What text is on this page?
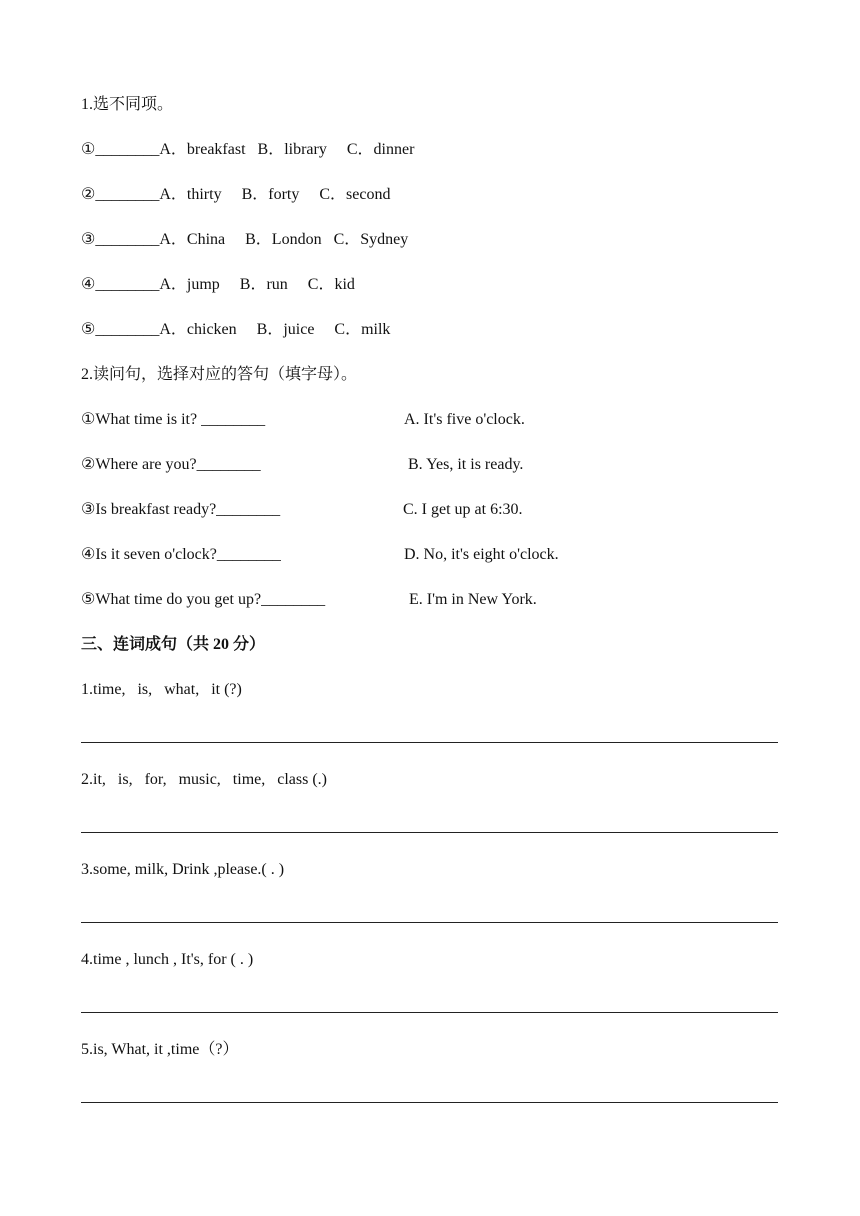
1.选不同项。
①________A．breakfast   B．library     C．dinner
②________A．thirty     B．forty     C．second
③________A．China     B．London   C．Sydney
④________A．jump     B．run     C．kid
⑤________A．chicken     B．juice     C．milk
2.读问句，选择对应的答句（填字母）。
①What time is it? ________	A. It's five o'clock.
②Where are you?________	B. Yes, it is ready.
③Is breakfast ready?________	C. I get up at 6:30.
④Is it seven o'clock?________	D. No, it's eight o'clock.
⑤What time do you get up?________	E. I'm in New York.
三、连词成句（共 20 分）
1.time,   is,   what,   it (?)
2.it,   is,   for,   music,   time,   class (.)
3.some, milk, Drink ,please.( . )
4.time , lunch , It's, for ( . )
5.is, What, it ,time（?）
